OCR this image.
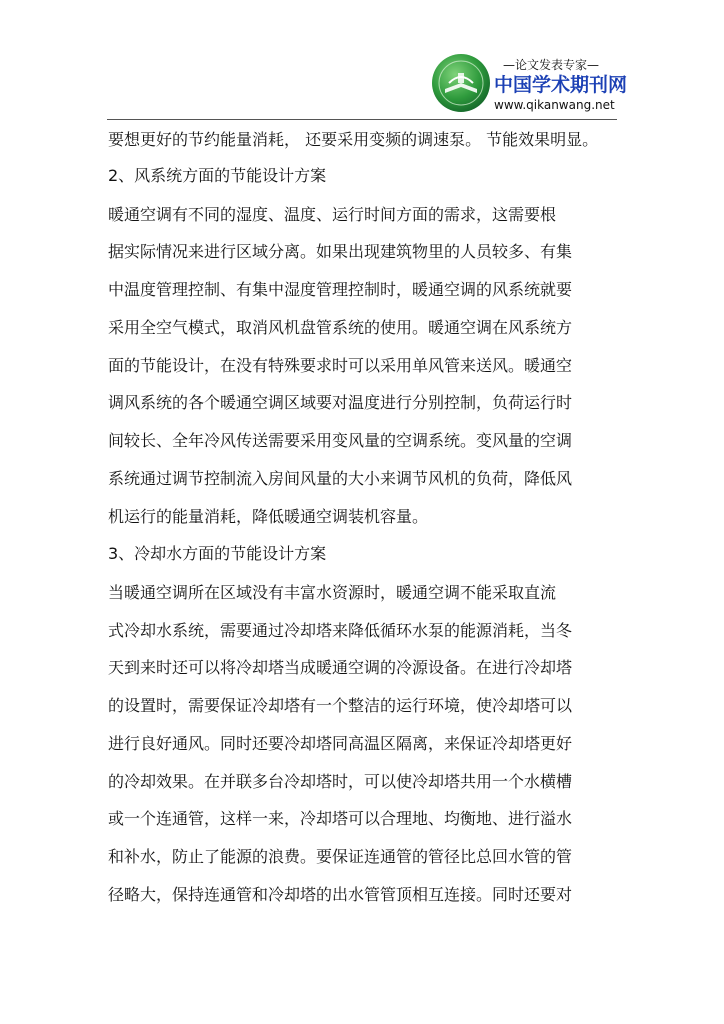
—论文发表专家—
中国学术期刊网
www.qikanwang.net
要想更好的节约能量消耗， 还要采用变频的调速泵。 节能效果明显。
2、风系统方面的节能设计方案
暖通空调有不同的湿度、温度、运行时间方面的需求，这需要根
据实际情况来进行区域分离。如果出现建筑物里的人员较多、有集
中温度管理控制、有集中湿度管理控制时，暖通空调的风系统就要
采用全空气模式，取消风机盘管系统的使用。暖通空调在风系统方
面的节能设计，在没有特殊要求时可以采用单风管来送风。暖通空
调风系统的各个暖通空调区域要对温度进行分别控制，负荷运行时
间较长、全年冷风传送需要采用变风量的空调系统。变风量的空调
系统通过调节控制流入房间风量的大小来调节风机的负荷，降低风
机运行的能量消耗，降低暖通空调装机容量。
3、冷却水方面的节能设计方案
当暖通空调所在区域没有丰富水资源时，暖通空调不能采取直流
式冷却水系统，需要通过冷却塔来降低循环水泵的能源消耗，当冬
天到来时还可以将冷却塔当成暖通空调的冷源设备。在进行冷却塔
的设置时，需要保证冷却塔有一个整洁的运行环境，使冷却塔可以
进行良好通风。同时还要冷却塔同高温区隔离，来保证冷却塔更好
的冷却效果。在并联多台冷却塔时，可以使冷却塔共用一个水横槽
或一个连通管，这样一来，冷却塔可以合理地、均衡地、进行溢水
和补水，防止了能源的浪费。要保证连通管的管径比总回水管的管
径略大，保持连通管和冷却塔的出水管管顶相互连接。同时还要对
